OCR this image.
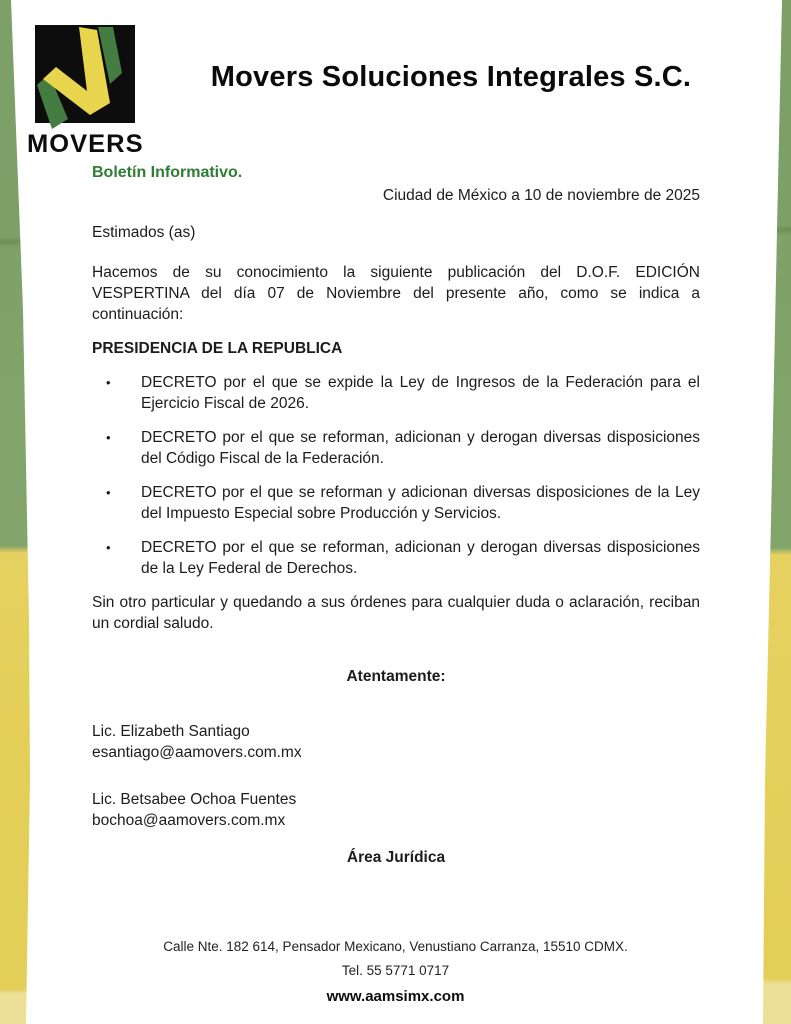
MOVERS
Movers Soluciones Integrales S.C.
Boletín Informativo.
Ciudad de México a 10 de noviembre de 2025
Estimados (as)
Hacemos de su conocimiento la siguiente publicación del D.O.F. EDICIÓN VESPERTINA del día 07 de Noviembre del presente año, como se indica a continuación:
PRESIDENCIA DE LA REPUBLICA
•	DECRETO por el que se expide la Ley de Ingresos de la Federación para el Ejercicio Fiscal de 2026.
•	DECRETO por el que se reforman, adicionan y derogan diversas disposiciones del Código Fiscal de la Federación.
•	DECRETO por el que se reforman y adicionan diversas disposiciones de la Ley del Impuesto Especial sobre Producción y Servicios.
•	DECRETO por el que se reforman, adicionan y derogan diversas disposiciones de la Ley Federal de Derechos.
Sin otro particular y quedando a sus órdenes para cualquier duda o aclaración, reciban un cordial saludo.
Atentamente:
Lic. Elizabeth Santiago
esantiago@aamovers.com.mx
Lic. Betsabee Ochoa Fuentes
bochoa@aamovers.com.mx
Área Jurídica
Calle Nte. 182 614, Pensador Mexicano, Venustiano Carranza, 15510 CDMX.
Tel. 55 5771 0717
www.aamsimx.com
